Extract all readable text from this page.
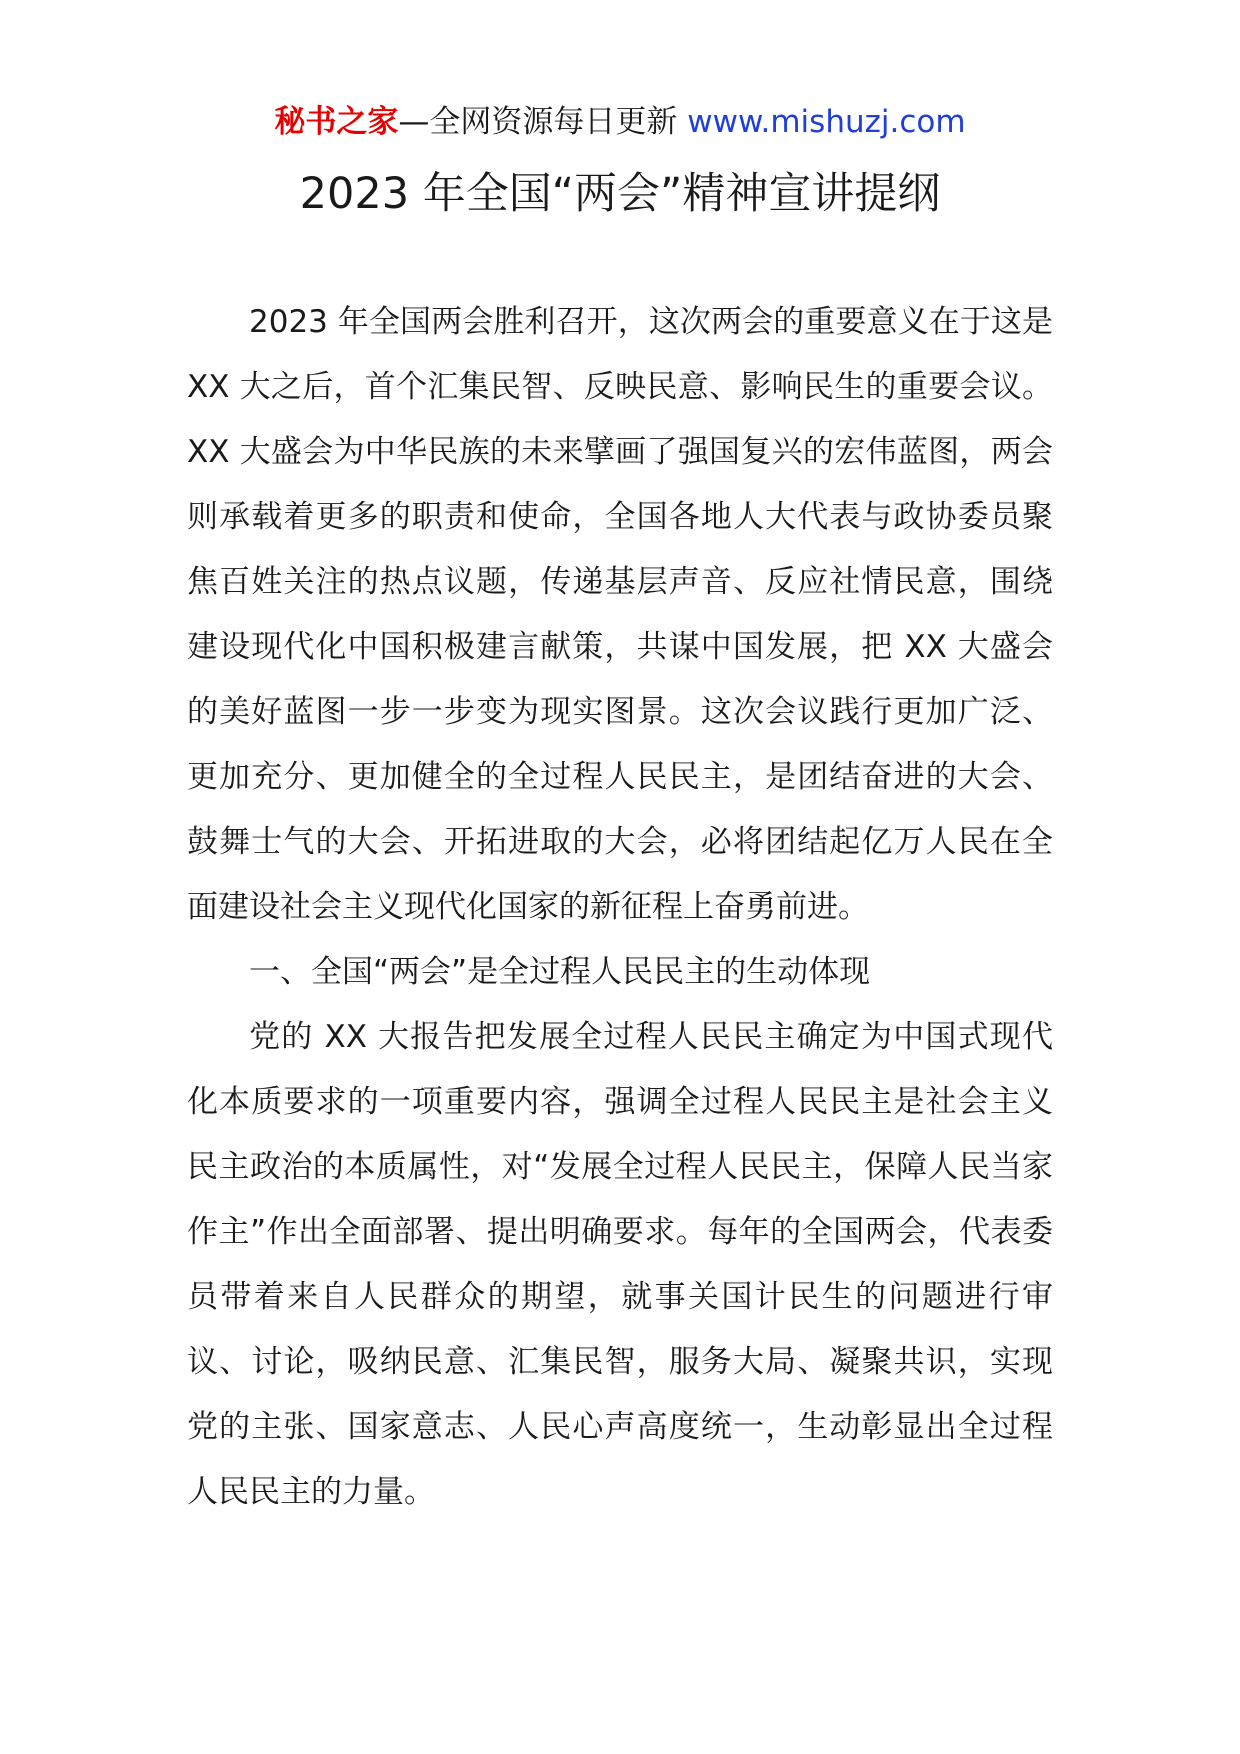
秘书之家—全网资源每日更新 www.mishuzj.com
2023 年全国“两会”精神宣讲提纲

2023 年全国两会胜利召开，这次两会的重要意义在于这是 XX 大之后，首个汇集民智、反映民意、影响民生的重要会议。XX 大盛会为中华民族的未来擘画了强国复兴的宏伟蓝图，两会则承载着更多的职责和使命，全国各地人大代表与政协委员聚焦百姓关注的热点议题，传递基层声音、反应社情民意，围绕建设现代化中国积极建言献策，共谋中国发展，把 XX 大盛会的美好蓝图一步一步变为现实图景。这次会议践行更加广泛、更加充分、更加健全的全过程人民民主，是团结奋进的大会、鼓舞士气的大会、开拓进取的大会，必将团结起亿万人民在全面建设社会主义现代化国家的新征程上奋勇前进。

一、全国“两会”是全过程人民民主的生动体现

党的 XX 大报告把发展全过程人民民主确定为中国式现代化本质要求的一项重要内容，强调全过程人民民主是社会主义民主政治的本质属性，对“发展全过程人民民主，保障人民当家作主”作出全面部署、提出明确要求。每年的全国两会，代表委员带着来自人民群众的期望，就事关国计民生的问题进行审议、讨论，吸纳民意、汇集民智，服务大局、凝聚共识，实现党的主张、国家意志、人民心声高度统一，生动彰显出全过程人民民主的力量。
